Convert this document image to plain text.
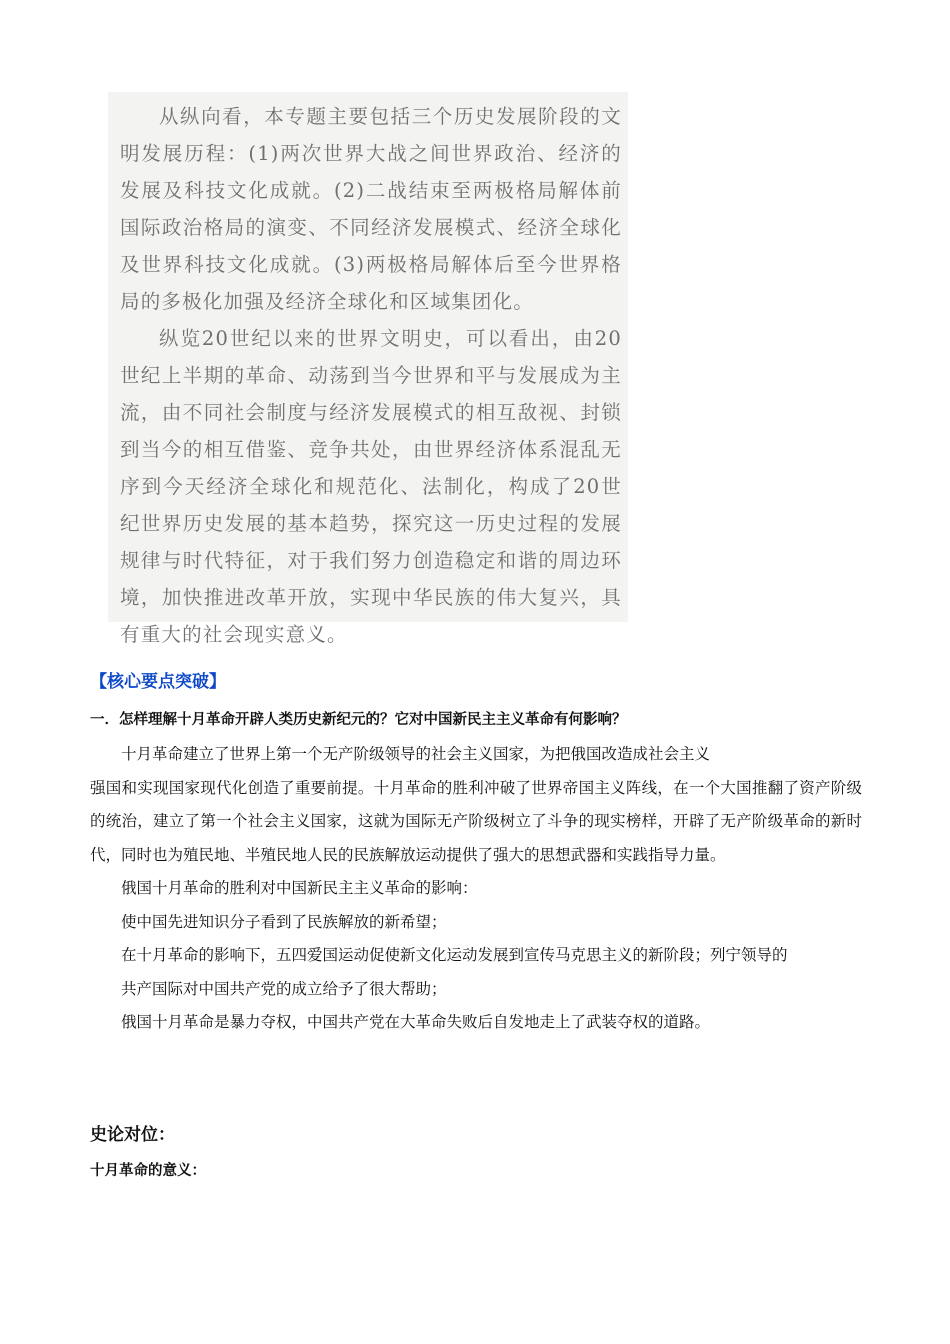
从纵向看，本专题主要包括三个历史发展阶段的文明发展历程：(1)两次世界大战之间世界政治、经济的发展及科技文化成就。(2)二战结束至两极格局解体前国际政治格局的演变、不同经济发展模式、经济全球化及世界科技文化成就。(3)两极格局解体后至今世界格局的多极化加强及经济全球化和区域集团化。

纵览20世纪以来的世界文明史，可以看出，由20世纪上半期的革命、动荡到当今世界和平与发展成为主流，由不同社会制度与经济发展模式的相互敌视、封锁到当今的相互借鉴、竞争共处，由世界经济体系混乱无序到今天经济全球化和规范化、法制化，构成了20世纪世界历史发展的基本趋势，探究这一历史过程的发展规律与时代特征，对于我们努力创造稳定和谐的周边环境，加快推进改革开放，实现中华民族的伟大复兴，具有重大的社会现实意义。

【核心要点突破】
一．怎样理解十月革命开辟人类历史新纪元的？它对中国新民主主义革命有何影响？

十月革命建立了世界上第一个无产阶级领导的社会主义国家，为把俄国改造成社会主义

强国和实现国家现代化创造了重要前提。十月革命的胜利冲破了世界帝国主义阵线，在一个大国推翻了资产阶级的统治，建立了第一个社会主义国家，这就为国际无产阶级树立了斗争的现实榜样，开辟了无产阶级革命的新时代，同时也为殖民地、半殖民地人民的民族解放运动提供了强大的思想武器和实践指导力量。

俄国十月革命的胜利对中国新民主主义革命的影响：

使中国先进知识分子看到了民族解放的新希望；

在十月革命的影响下，五四爱国运动促使新文化运动发展到宣传马克思主义的新阶段；列宁领导的

共产国际对中国共产党的成立给予了很大帮助；

俄国十月革命是暴力夺权，中国共产党在大革命失败后自发地走上了武装夺权的道路。

史论对位：
十月革命的意义：
